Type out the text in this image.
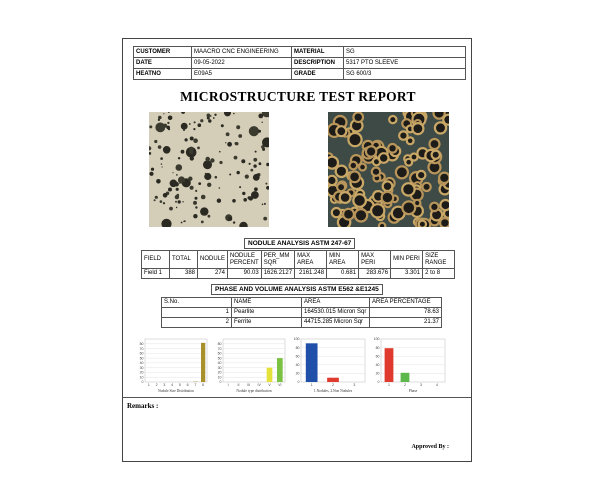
CUSTOMER	MAACRO CNC ENGINEERING	MATERIAL	SG
DATE	09-05-2022	DESCRIPTION	5317 PTO SLEEVE
HEATNO	E09A5	GRADE	SG 600/3
MICROSTRUCTURE TEST REPORT
NODULE ANALYSIS ASTM 247-67
FIELD	TOTAL	NODULE	NODULE PERCENT	PER_MM SQR	MAX AREA	MIN AREA	MAX PERI	MIN PERI	SIZE RANGE
Field 1	388	274	90.03	1626.2127	2161.248	0.681	283.676	3.301	2 to 8
PHASE AND VOLUME ANALYSIS ASTM E562 &E1245
S.No.	NAME	AREA	AREA PERCENTAGE
1	Pearlite	164530.015 Micron Sqr	78.63
2	Ferrite	44715.285 Micron Sqr	21.37
0
10
20
30
40
50
60
70
80
1 2 3 4 5 6 7 8
Nodule Size Distribution
0
10
20
30
40
50
60
70
80
I	II III IV V VI
Nodule type distribution
0
20
40
60
80
100
1	2	3
1.Nodules, 2.Non Nodules
0
20
40
60
80
100
1	2	3	4
Phase
Remarks :
Approved By :
